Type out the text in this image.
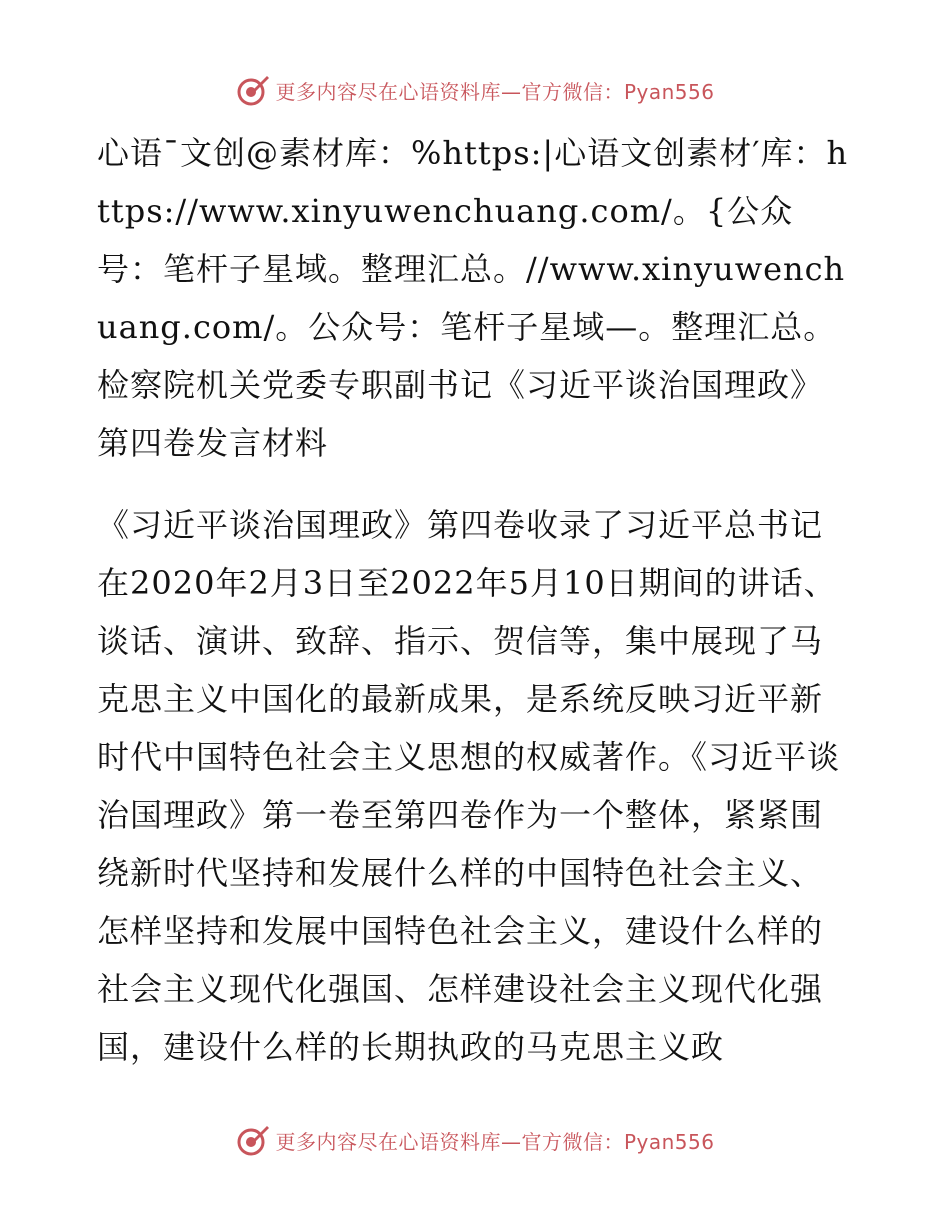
更多内容尽在心语资料库—官方微信：Pyan556

心语¯文创@素材库：%https:|心语文创素材′库：https://www.xinyuwenchuang.com/。{公众号：笔杆子星域。整理汇总。//www.xinyuwenchuang.com/。公众号：笔杆子星域—。整理汇总。检察院机关党委专职副书记《习近平谈治国理政》第四卷发言材料

《习近平谈治国理政》第四卷收录了习近平总书记在2020年2月3日至2022年5月10日期间的讲话、谈话、演讲、致辞、指示、贺信等，集中展现了马克思主义中国化的最新成果，是系统反映习近平新时代中国特色社会主义思想的权威著作。《习近平谈治国理政》第一卷至第四卷作为一个整体，紧紧围绕新时代坚持和发展什么样的中国特色社会主义、怎样坚持和发展中国特色社会主义，建设什么样的社会主义现代化强国、怎样建设社会主义现代化强国，建设什么样的长期执政的马克思主义政

更多内容尽在心语资料库—官方微信：Pyan556
